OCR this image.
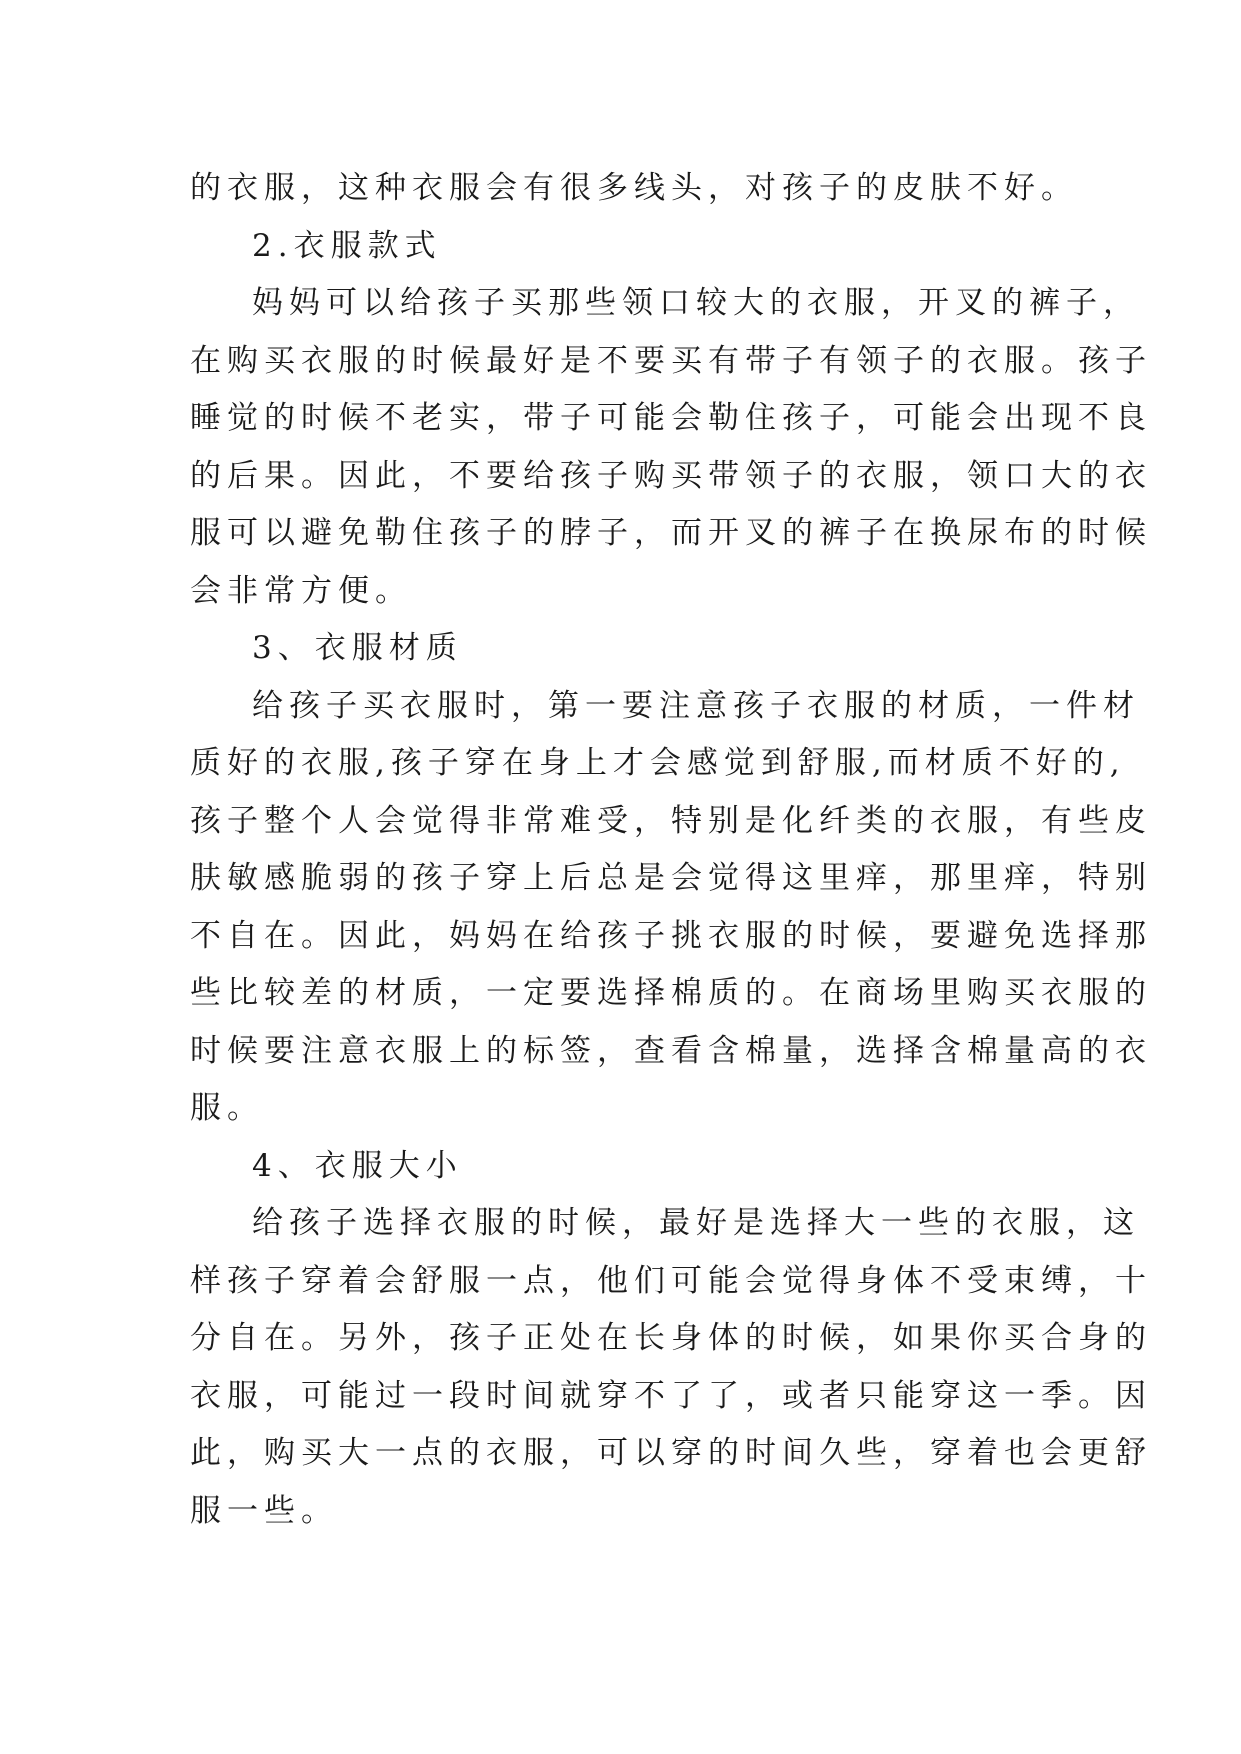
的衣服，这种衣服会有很多线头，对孩子的皮肤不好。

2.衣服款式

妈妈可以给孩子买那些领口较大的衣服，开叉的裤子，

在购买衣服的时候最好是不要买有带子有领子的衣服。孩子

睡觉的时候不老实，带子可能会勒住孩子，可能会出现不良

的后果。因此，不要给孩子购买带领子的衣服，领口大的衣

服可以避免勒住孩子的脖子，而开叉的裤子在换尿布的时候

会非常方便。

3、衣服材质

给孩子买衣服时，第一要注意孩子衣服的材质，一件材

质好的衣服,孩子穿在身上才会感觉到舒服,而材质不好的,

孩子整个人会觉得非常难受，特别是化纤类的衣服，有些皮

肤敏感脆弱的孩子穿上后总是会觉得这里痒，那里痒，特别

不自在。因此，妈妈在给孩子挑衣服的时候，要避免选择那

些比较差的材质，一定要选择棉质的。在商场里购买衣服的

时候要注意衣服上的标签，查看含棉量，选择含棉量高的衣

服。

4、衣服大小

给孩子选择衣服的时候，最好是选择大一些的衣服，这

样孩子穿着会舒服一点，他们可能会觉得身体不受束缚，十

分自在。另外，孩子正处在长身体的时候，如果你买合身的

衣服，可能过一段时间就穿不了了，或者只能穿这一季。因

此，购买大一点的衣服，可以穿的时间久些，穿着也会更舒

服一些。
